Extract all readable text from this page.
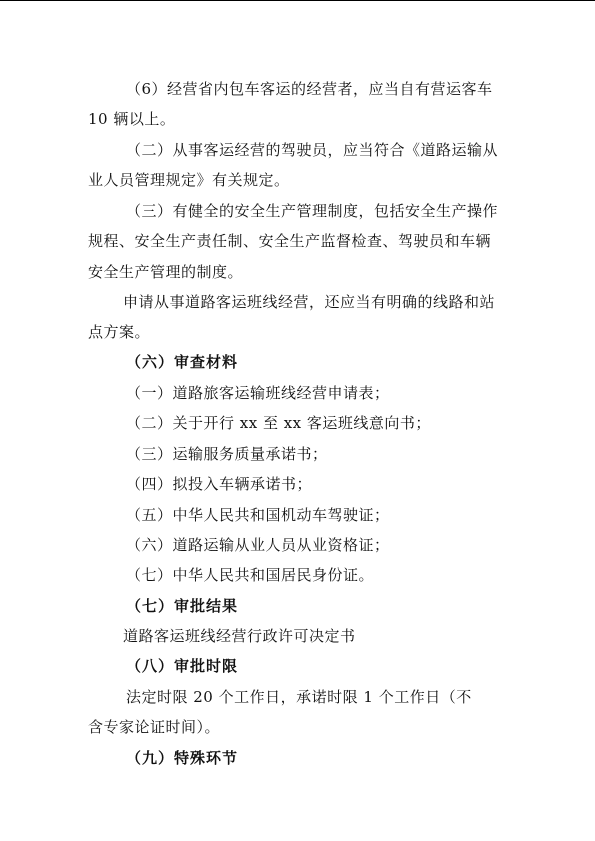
（6）经营省内包车客运的经营者，应当自有营运客车
10 辆以上。
（二）从事客运经营的驾驶员，应当符合《道路运输从
业人员管理规定》有关规定。
（三）有健全的安全生产管理制度，包括安全生产操作
规程、安全生产责任制、安全生产监督检查、驾驶员和车辆
安全生产管理的制度。
申请从事道路客运班线经营，还应当有明确的线路和站
点方案。
（六）审查材料
（一）道路旅客运输班线经营申请表；
（二）关于开行 xx 至 xx 客运班线意向书；
（三）运输服务质量承诺书；
（四）拟投入车辆承诺书；
（五）中华人民共和国机动车驾驶证；
（六）道路运输从业人员从业资格证；
（七）中华人民共和国居民身份证。
（七）审批结果
道路客运班线经营行政许可决定书
（八）审批时限
法定时限 20 个工作日，承诺时限 1 个工作日（不
含专家论证时间）。
（九）特殊环节
